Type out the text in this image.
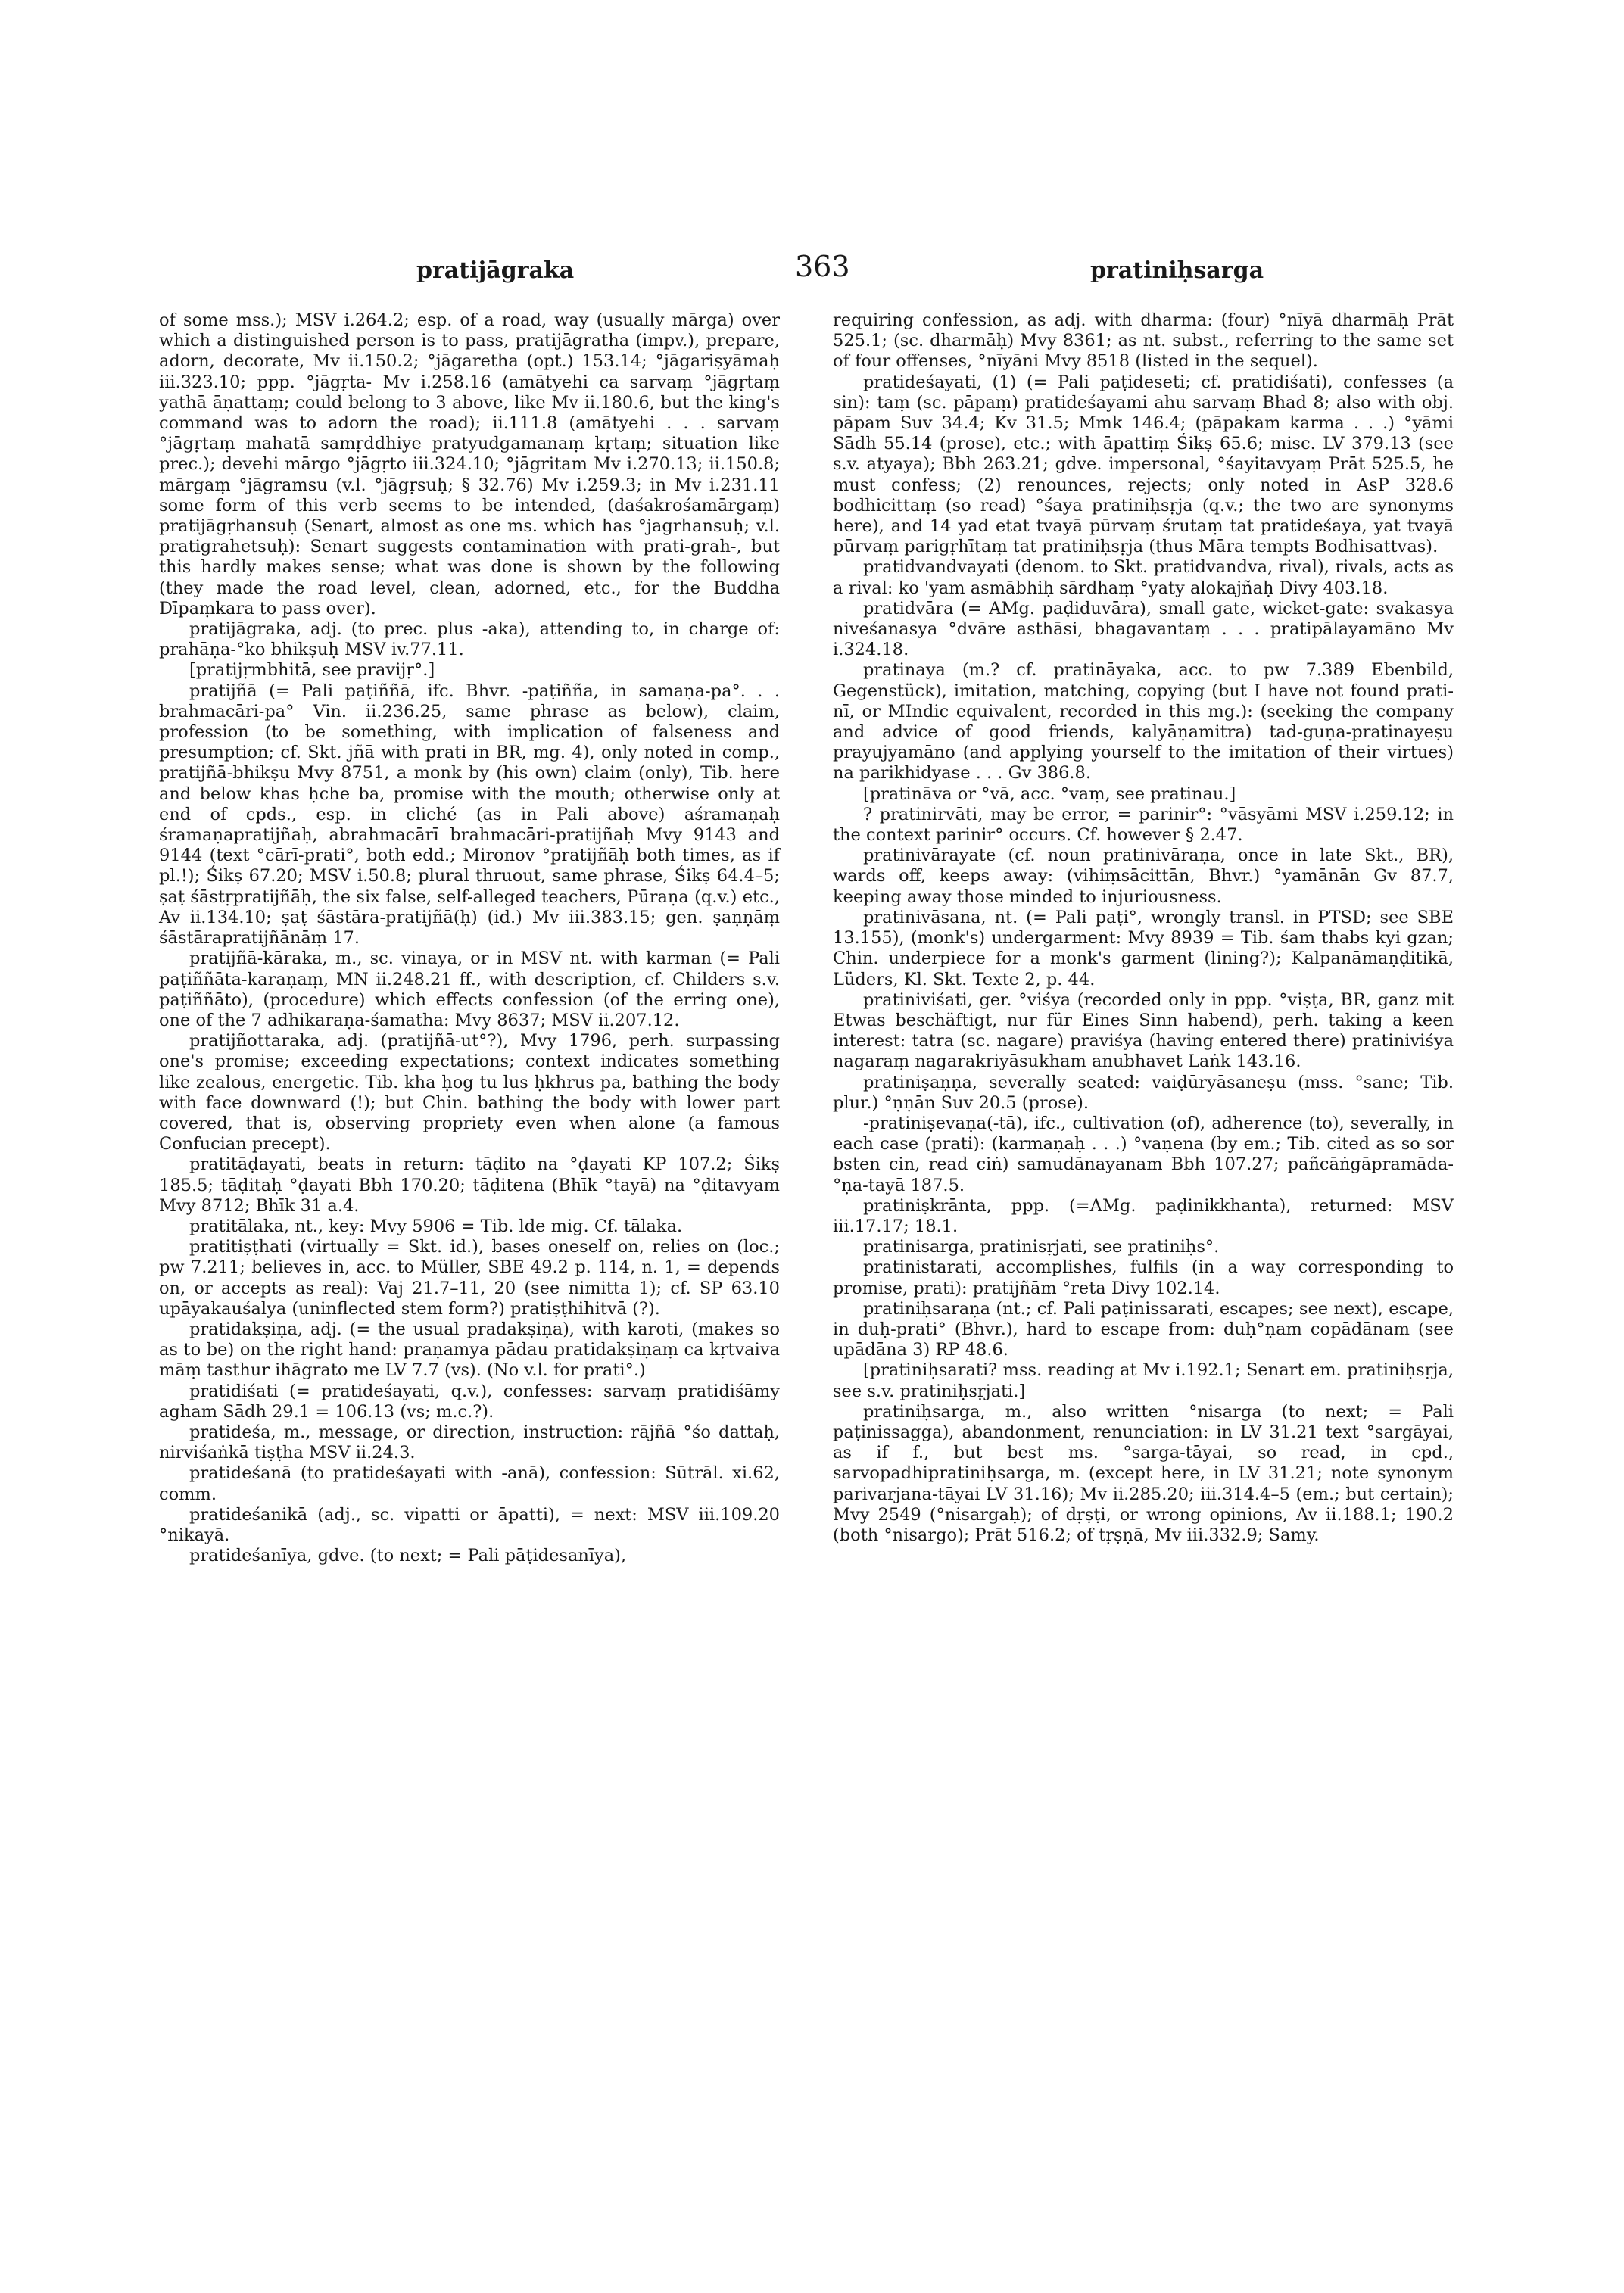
pratijāgraka	363	pratiniḥsarga

of some mss.); MSV i.264.2; esp. of a road, way (usually mārga) over which a distinguished person is to pass, pratijāgratha (impv.), prepare, adorn, decorate, Mv ii.150.2; °jāgaretha (opt.) 153.14; °jāgariṣyāmaḥ iii.323.10; ppp. °jāgṛta- Mv i.258.16 (amātyehi ca sarvaṃ °jāgṛtaṃ yathā āṇattaṃ; could belong to 3 above, like Mv ii.180.6, but the king's command was to adorn the road); ii.111.8 (amātyehi . . . sarvaṃ °jāgṛtaṃ mahatā samṛddhiye pratyudgamanaṃ kṛtaṃ; situation like prec.); devehi mārgo °jāgṛto iii.324.10; °jāgritam Mv i.270.13; ii.150.8; mārgaṃ °jāgramsu (v.l. °jāgṛsuḥ; § 32.76) Mv i.259.3; in Mv i.231.11 some form of this verb seems to be intended, (daśakrośamārgaṃ) pratijāgṛhansuḥ (Senart, almost as one ms. which has °jagrhansuḥ; v.l. pratigrahetsuḥ): Senart suggests contamination with prati-grah-, but this hardly makes sense; what was done is shown by the following (they made the road level, clean, adorned, etc., for the Buddha Dīpaṃkara to pass over).

pratijāgraka, adj. (to prec. plus -aka), attending to, in charge of: prahāṇa-°ko bhikṣuḥ MSV iv.77.11.

[pratijṛmbhitā, see pravijṛ°.]

pratijñā (= Pali paṭiññā, ifc. Bhvr. -paṭiñña, in samaṇa-pa°. . . brahmacāri-pa° Vin. ii.236.25, same phrase as below), claim, profession (to be something, with implication of falseness and presumption; cf. Skt. jñā with prati in BR, mg. 4), only noted in comp., pratijñā-bhikṣu Mvy 8751, a monk by (his own) claim (only), Tib. here and below khas ḥche ba, promise with the mouth; otherwise only at end of cpds., esp. in cliché (as in Pali above) aśramaṇaḥ śramaṇapratijñaḥ, abrahmacārī brahmacāri-pratijñaḥ Mvy 9143 and 9144 (text °cārī-prati°, both edd.; Mironov °pratijñāḥ both times, as if pl.!); Śikṣ 67.20; MSV i.50.8; plural thruout, same phrase, Śikṣ 64.4–5; ṣaṭ śāstṛpratijñāḥ, the six false, self-alleged teachers, Pūraṇa (q.v.) etc., Av ii.134.10; ṣaṭ śāstāra-pratijñā(ḥ) (id.) Mv iii.383.15; gen. ṣaṇṇāṃ śāstārapratijñānāṃ 17.

pratijñā-kāraka, m., sc. vinaya, or in MSV nt. with karman (= Pali paṭiññāta-karaṇaṃ, MN ii.248.21 ff., with description, cf. Childers s.v. paṭiññāto), (procedure) which effects confession (of the erring one), one of the 7 adhikaraṇa-śamatha: Mvy 8637; MSV ii.207.12.

pratijñottaraka, adj. (pratijñā-ut°?), Mvy 1796, perh. surpassing one's promise; exceeding expectations; context indicates something like zealous, energetic. Tib. kha ḥog tu lus ḥkhrus pa, bathing the body with face downward (!); but Chin. bathing the body with lower part covered, that is, observing propriety even when alone (a famous Confucian precept).

pratitāḍayati, beats in return: tāḍito na °ḍayati KP 107.2; Śikṣ 185.5; tāḍitaḥ °ḍayati Bbh 170.20; tāḍitena (Bhīk °tayā) na °ḍitavyam Mvy 8712; Bhīk 31 a.4.

pratitālaka, nt., key: Mvy 5906 = Tib. lde mig. Cf. tālaka.

pratitiṣṭhati (virtually = Skt. id.), bases oneself on, relies on (loc.; pw 7.211; believes in, acc. to Müller, SBE 49.2 p. 114, n. 1, = depends on, or accepts as real): Vaj 21.7–11, 20 (see nimitta 1); cf. SP 63.10 upāyakauśalya (uninflected stem form?) pratiṣṭhihitvā (?).

pratidakṣiṇa, adj. (= the usual pradakṣiṇa), with karoti, (makes so as to be) on the right hand: praṇamya pādau pratidakṣiṇaṃ ca kṛtvaiva māṃ tasthur ihāgrato me LV 7.7 (vs). (No v.l. for prati°.)

pratidiśati (= pratideśayati, q.v.), confesses: sarvaṃ pratidiśāmy agham Sādh 29.1 = 106.13 (vs; m.c.?).

pratideśa, m., message, or direction, instruction: rājñā °śo dattaḥ, nirviśaṅkā tiṣṭha MSV ii.24.3.

pratideśanā (to pratideśayati with -anā), confession: Sūtrāl. xi.62, comm.

pratideśanikā (adj., sc. vipatti or āpatti), = next: MSV iii.109.20 °nikayā.

pratideśanīya, gdve. (to next; = Pali pāṭidesanīya),

requiring confession, as adj. with dharma: (four) °nīyā dharmāḥ Prāt 525.1; (sc. dharmāḥ) Mvy 8361; as nt. subst., referring to the same set of four offenses, °nīyāni Mvy 8518 (listed in the sequel).

pratideśayati, (1) (= Pali paṭideseti; cf. pratidiśati), confesses (a sin): taṃ (sc. pāpaṃ) pratideśayami ahu sarvaṃ Bhad 8; also with obj. pāpam Suv 34.4; Kv 31.5; Mmk 146.4; (pāpakam karma . . .) °yāmi Sādh 55.14 (prose), etc.; with āpattiṃ Śikṣ 65.6; misc. LV 379.13 (see s.v. atyaya); Bbh 263.21; gdve. impersonal, °śayitavyaṃ Prāt 525.5, he must confess; (2) renounces, rejects; only noted in AsP 328.6 bodhicittaṃ (so read) °śaya pratiniḥsṛja (q.v.; the two are synonyms here), and 14 yad etat tvayā pūrvaṃ śrutaṃ tat pratideśaya, yat tvayā pūrvaṃ parigṛhītaṃ tat pratiniḥsṛja (thus Māra tempts Bodhisattvas).

pratidvandvayati (denom. to Skt. pratidvandva, rival), rivals, acts as a rival: ko 'yam asmābhiḥ sārdhaṃ °yaty alokajñaḥ Divy 403.18.

pratidvāra (= AMg. paḍiduvāra), small gate, wicket-gate: svakasya niveśanasya °dvāre asthāsi, bhagavantaṃ . . . pratipālayamāno Mv i.324.18.

pratinaya (m.? cf. pratināyaka, acc. to pw 7.389 Ebenbild, Gegenstück), imitation, matching, copying (but I have not found prati-nī, or MIndic equivalent, recorded in this mg.): (seeking the company and advice of good friends, kalyāṇamitra) tad-guṇa-pratinayeṣu prayujyamāno (and applying yourself to the imitation of their virtues) na parikhidyase . . . Gv 386.8.

[pratināva or °vā, acc. °vaṃ, see pratinau.]

? pratinirvāti, may be error, = parinir°: °vāsyāmi MSV i.259.12; in the context parinir° occurs. Cf. however § 2.47.

pratinivārayate (cf. noun pratinivāraṇa, once in late Skt., BR), wards off, keeps away: (vihiṃsācittān, Bhvr.) °yamānān Gv 87.7, keeping away those minded to injuriousness.

pratinivāsana, nt. (= Pali paṭi°, wrongly transl. in PTSD; see SBE 13.155), (monk's) undergarment: Mvy 8939 = Tib. śam thabs kyi gzan; Chin. underpiece for a monk's garment (lining?); Kalpanāmaṇḍitikā, Lüders, Kl. Skt. Texte 2, p. 44.

pratiniviśati, ger. °viśya (recorded only in ppp. °viṣṭa, BR, ganz mit Etwas beschäftigt, nur für Eines Sinn habend), perh. taking a keen interest: tatra (sc. nagare) praviśya (having entered there) pratiniviśya nagaraṃ nagarakriyāsukham anubhavet Laṅk 143.16.

pratiniṣaṇṇa, severally seated: vaiḍūryāsaneṣu (mss. °sane; Tib. plur.) °ṇṇān Suv 20.5 (prose).

-pratiniṣevaṇa(-tā), ifc., cultivation (of), adherence (to), severally, in each case (prati): (karmaṇaḥ . . .) °vaṇena (by em.; Tib. cited as so sor bsten cin, read ciṅ) samudānayanam Bbh 107.27; pañcāṅgāpramāda-°ṇa-tayā 187.5.

pratiniṣkrānta, ppp. (=AMg. paḍinikkhanta), returned: MSV iii.17.17; 18.1.

pratinisarga, pratinisṛjati, see pratiniḥs°.

pratinistarati, accomplishes, fulfils (in a way corresponding to promise, prati): pratijñām °reta Divy 102.14.

pratiniḥsaraṇa (nt.; cf. Pali paṭinissarati, escapes; see next), escape, in duḥ-prati° (Bhvr.), hard to escape from: duḥ°ṇam copādānam (see upādāna 3) RP 48.6.

[pratiniḥsarati? mss. reading at Mv i.192.1; Senart em. pratiniḥsṛja, see s.v. pratiniḥsṛjati.]

pratiniḥsarga, m., also written °nisarga (to next; = Pali paṭinissagga), abandonment, renunciation: in LV 31.21 text °sargāyai, as if f., but best ms. °sarga-tāyai, so read, in cpd., sarvopadhipratiniḥsarga, m. (except here, in LV 31.21; note synonym parivarjana-tāyai LV 31.16); Mv ii.285.20; iii.314.4–5 (em.; but certain); Mvy 2549 (°nisargaḥ); of dṛṣṭi, or wrong opinions, Av ii.188.1; 190.2 (both °nisargo); Prāt 516.2; of tṛṣṇā, Mv iii.332.9; Samy.
